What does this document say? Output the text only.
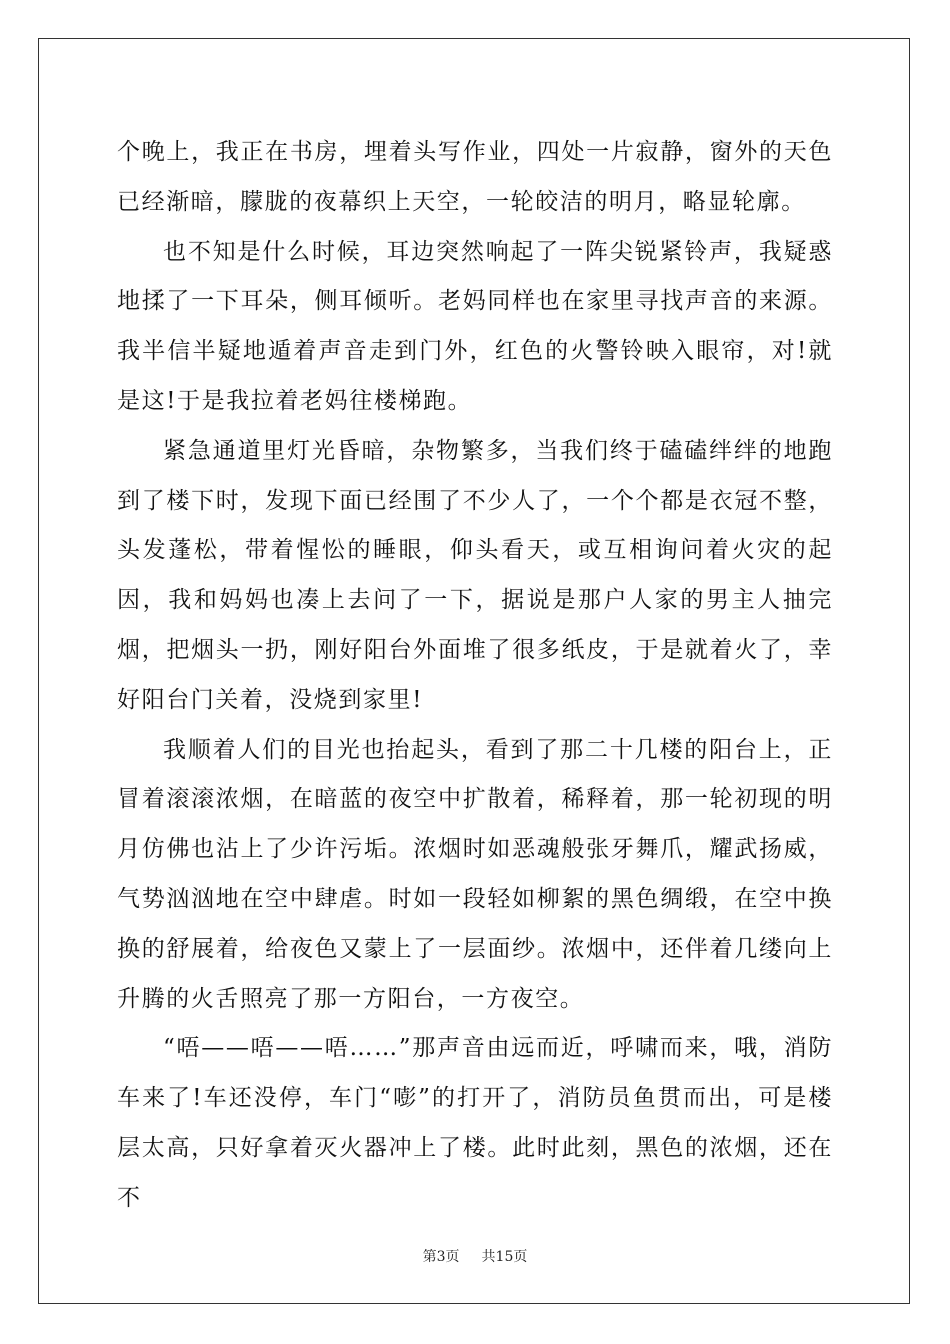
个晚上，我正在书房，埋着头写作业，四处一片寂静，窗外的天色已经渐暗，朦胧的夜幕织上天空，一轮皎洁的明月，略显轮廓。

也不知是什么时候，耳边突然响起了一阵尖锐紧铃声，我疑惑地揉了一下耳朵，侧耳倾听。老妈同样也在家里寻找声音的来源。我半信半疑地遁着声音走到门外，红色的火警铃映入眼帘，对!就是这!于是我拉着老妈往楼梯跑。

紧急通道里灯光昏暗，杂物繁多，当我们终于磕磕绊绊的地跑到了楼下时，发现下面已经围了不少人了，一个个都是衣冠不整，头发蓬松，带着惺忪的睡眼，仰头看天，或互相询问着火灾的起因，我和妈妈也凑上去问了一下，据说是那户人家的男主人抽完烟，把烟头一扔，刚好阳台外面堆了很多纸皮，于是就着火了，幸好阳台门关着，没烧到家里!

我顺着人们的目光也抬起头，看到了那二十几楼的阳台上，正冒着滚滚浓烟，在暗蓝的夜空中扩散着，稀释着，那一轮初现的明月仿佛也沾上了少许污垢。浓烟时如恶魂般张牙舞爪，耀武扬威，气势汹汹地在空中肆虐。时如一段轻如柳絮的黑色绸缎，在空中换换的舒展着，给夜色又蒙上了一层面纱。浓烟中，还伴着几缕向上升腾的火舌照亮了那一方阳台，一方夜空。

“唔——唔——唔……”那声音由远而近，呼啸而来，哦，消防车来了!车还没停，车门“嘭”的打开了，消防员鱼贯而出，可是楼层太高，只好拿着灭火器冲上了楼。此时此刻，黑色的浓烟，还在不

第3页 共15页
